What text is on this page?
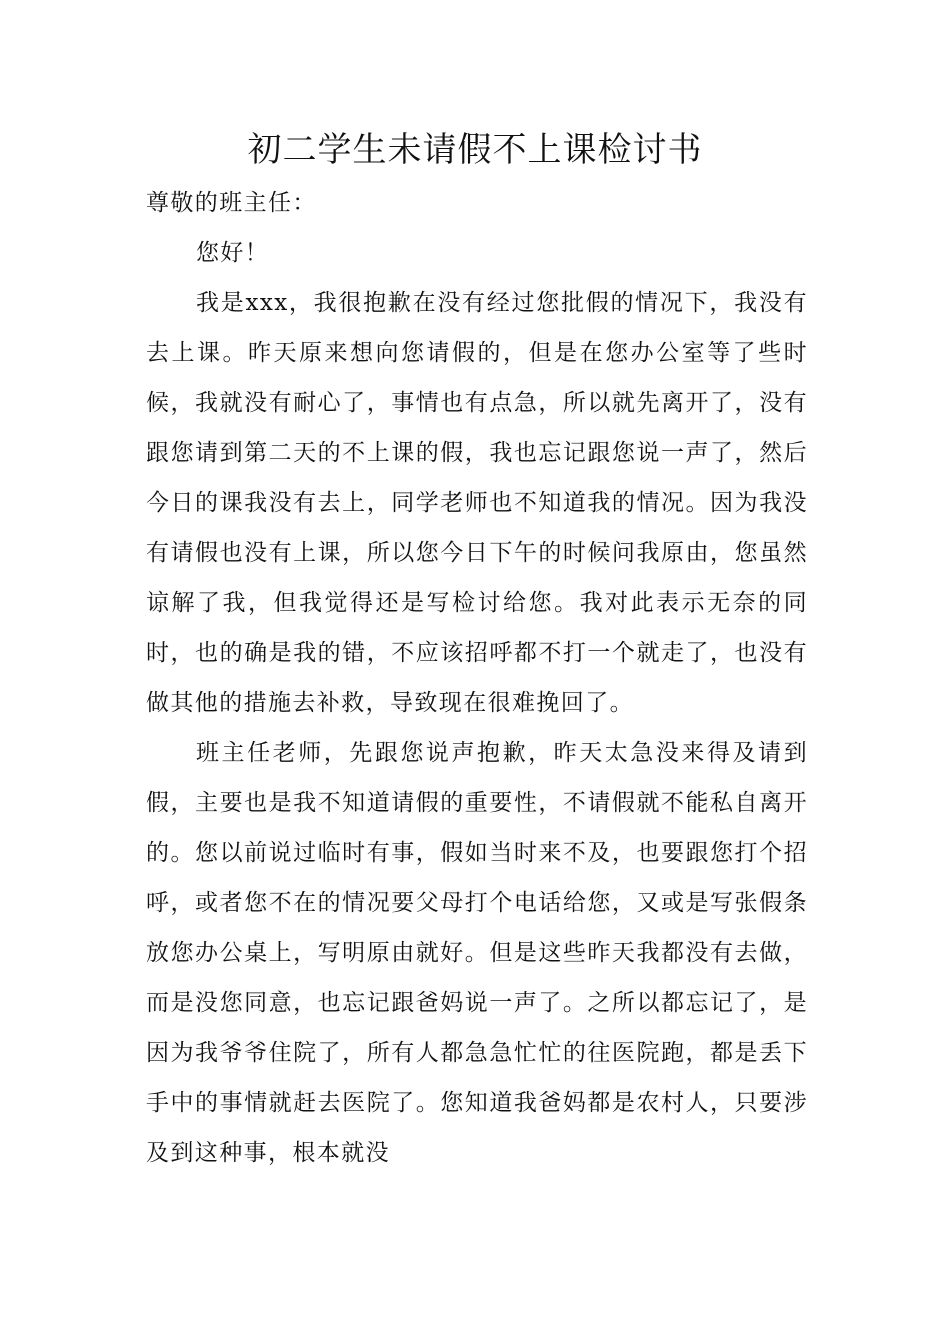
初二学生未请假不上课检讨书

尊敬的班主任：

您好！

我是xxx，我很抱歉在没有经过您批假的情况下，我没有去上课。昨天原来想向您请假的，但是在您办公室等了些时候，我就没有耐心了，事情也有点急，所以就先离开了，没有跟您请到第二天的不上课的假，我也忘记跟您说一声了，然后今日的课我没有去上，同学老师也不知道我的情况。因为我没有请假也没有上课，所以您今日下午的时候问我原由，您虽然谅解了我，但我觉得还是写检讨给您。我对此表示无奈的同时，也的确是我的错，不应该招呼都不打一个就走了，也没有做其他的措施去补救，导致现在很难挽回了。

班主任老师，先跟您说声抱歉，昨天太急没来得及请到假，主要也是我不知道请假的重要性，不请假就不能私自离开的。您以前说过临时有事，假如当时来不及，也要跟您打个招呼，或者您不在的情况要父母打个电话给您，又或是写张假条放您办公桌上，写明原由就好。但是这些昨天我都没有去做，而是没您同意，也忘记跟爸妈说一声了。之所以都忘记了，是因为我爷爷住院了，所有人都急急忙忙的往医院跑，都是丢下手中的事情就赶去医院了。您知道我爸妈都是农村人，只要涉及到这种事，根本就没
